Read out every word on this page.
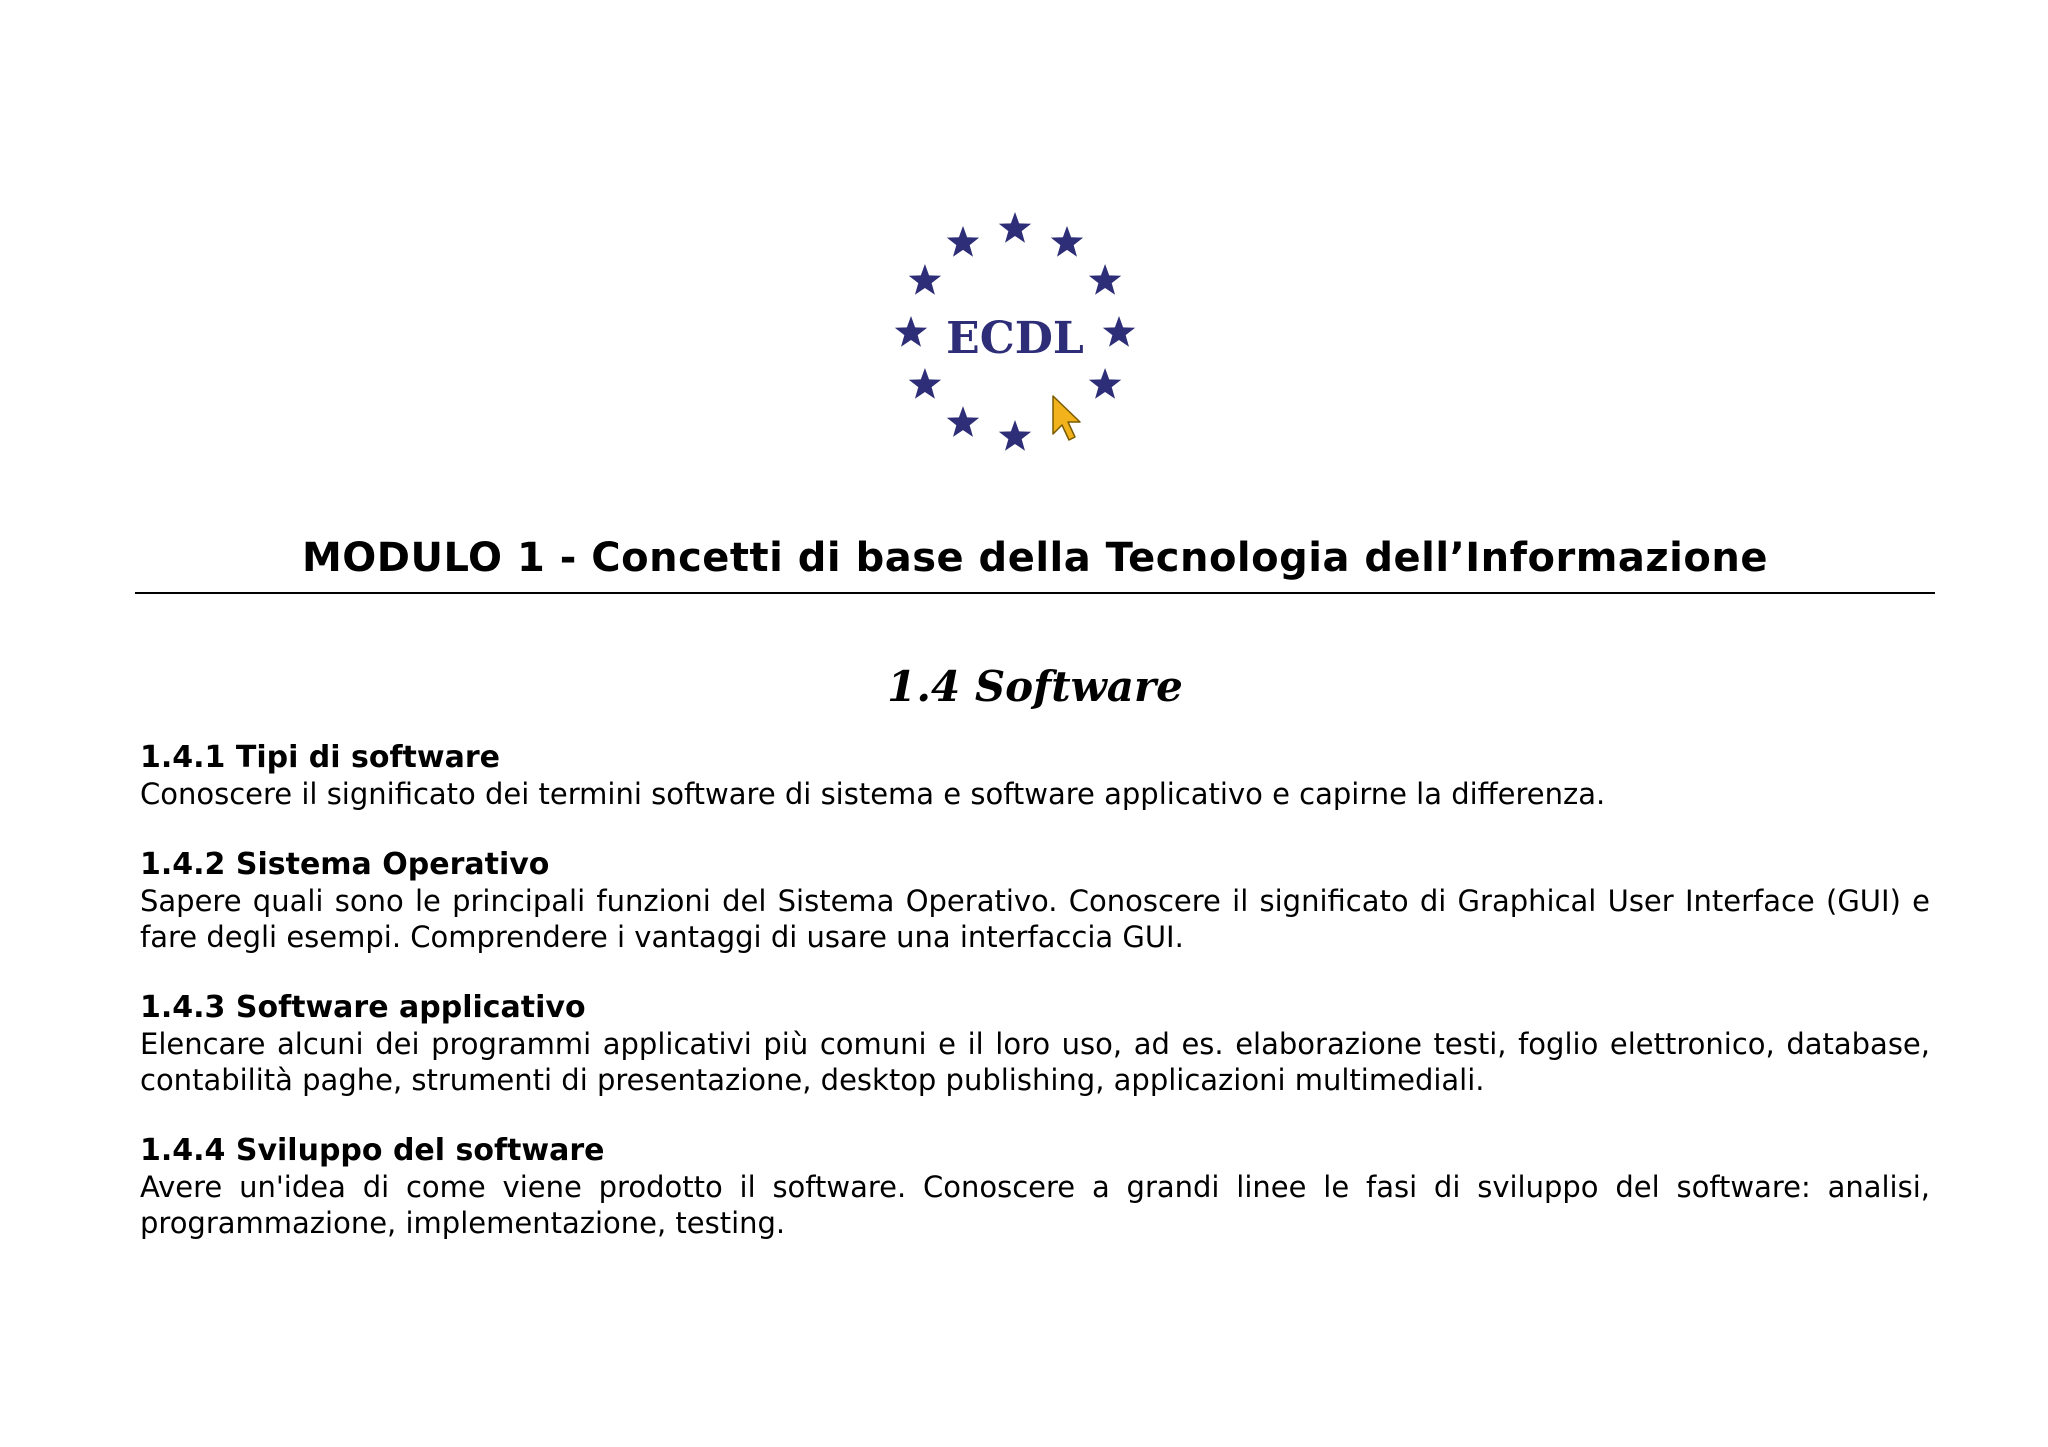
ECDL
MODULO 1 - Concetti di base della Tecnologia dell’Informazione
1.4 Software
1.4.1 Tipi di software

Conoscere il significato dei termini software di sistema e software applicativo e capirne la differenza.

1.4.2 Sistema Operativo

Sapere quali sono le principali funzioni del Sistema Operativo. Conoscere il significato di Graphical User Interface (GUI) e fare degli esempi. Comprendere i vantaggi di usare una interfaccia GUI.

1.4.3 Software applicativo

Elencare alcuni dei programmi applicativi più comuni e il loro uso, ad es. elaborazione testi, foglio elettronico, database, contabilità paghe, strumenti di presentazione, desktop publishing, applicazioni multimediali.

1.4.4 Sviluppo del software

Avere un'idea di come viene prodotto il software. Conoscere a grandi linee le fasi di sviluppo del software: analisi, programmazione, implementazione, testing.
